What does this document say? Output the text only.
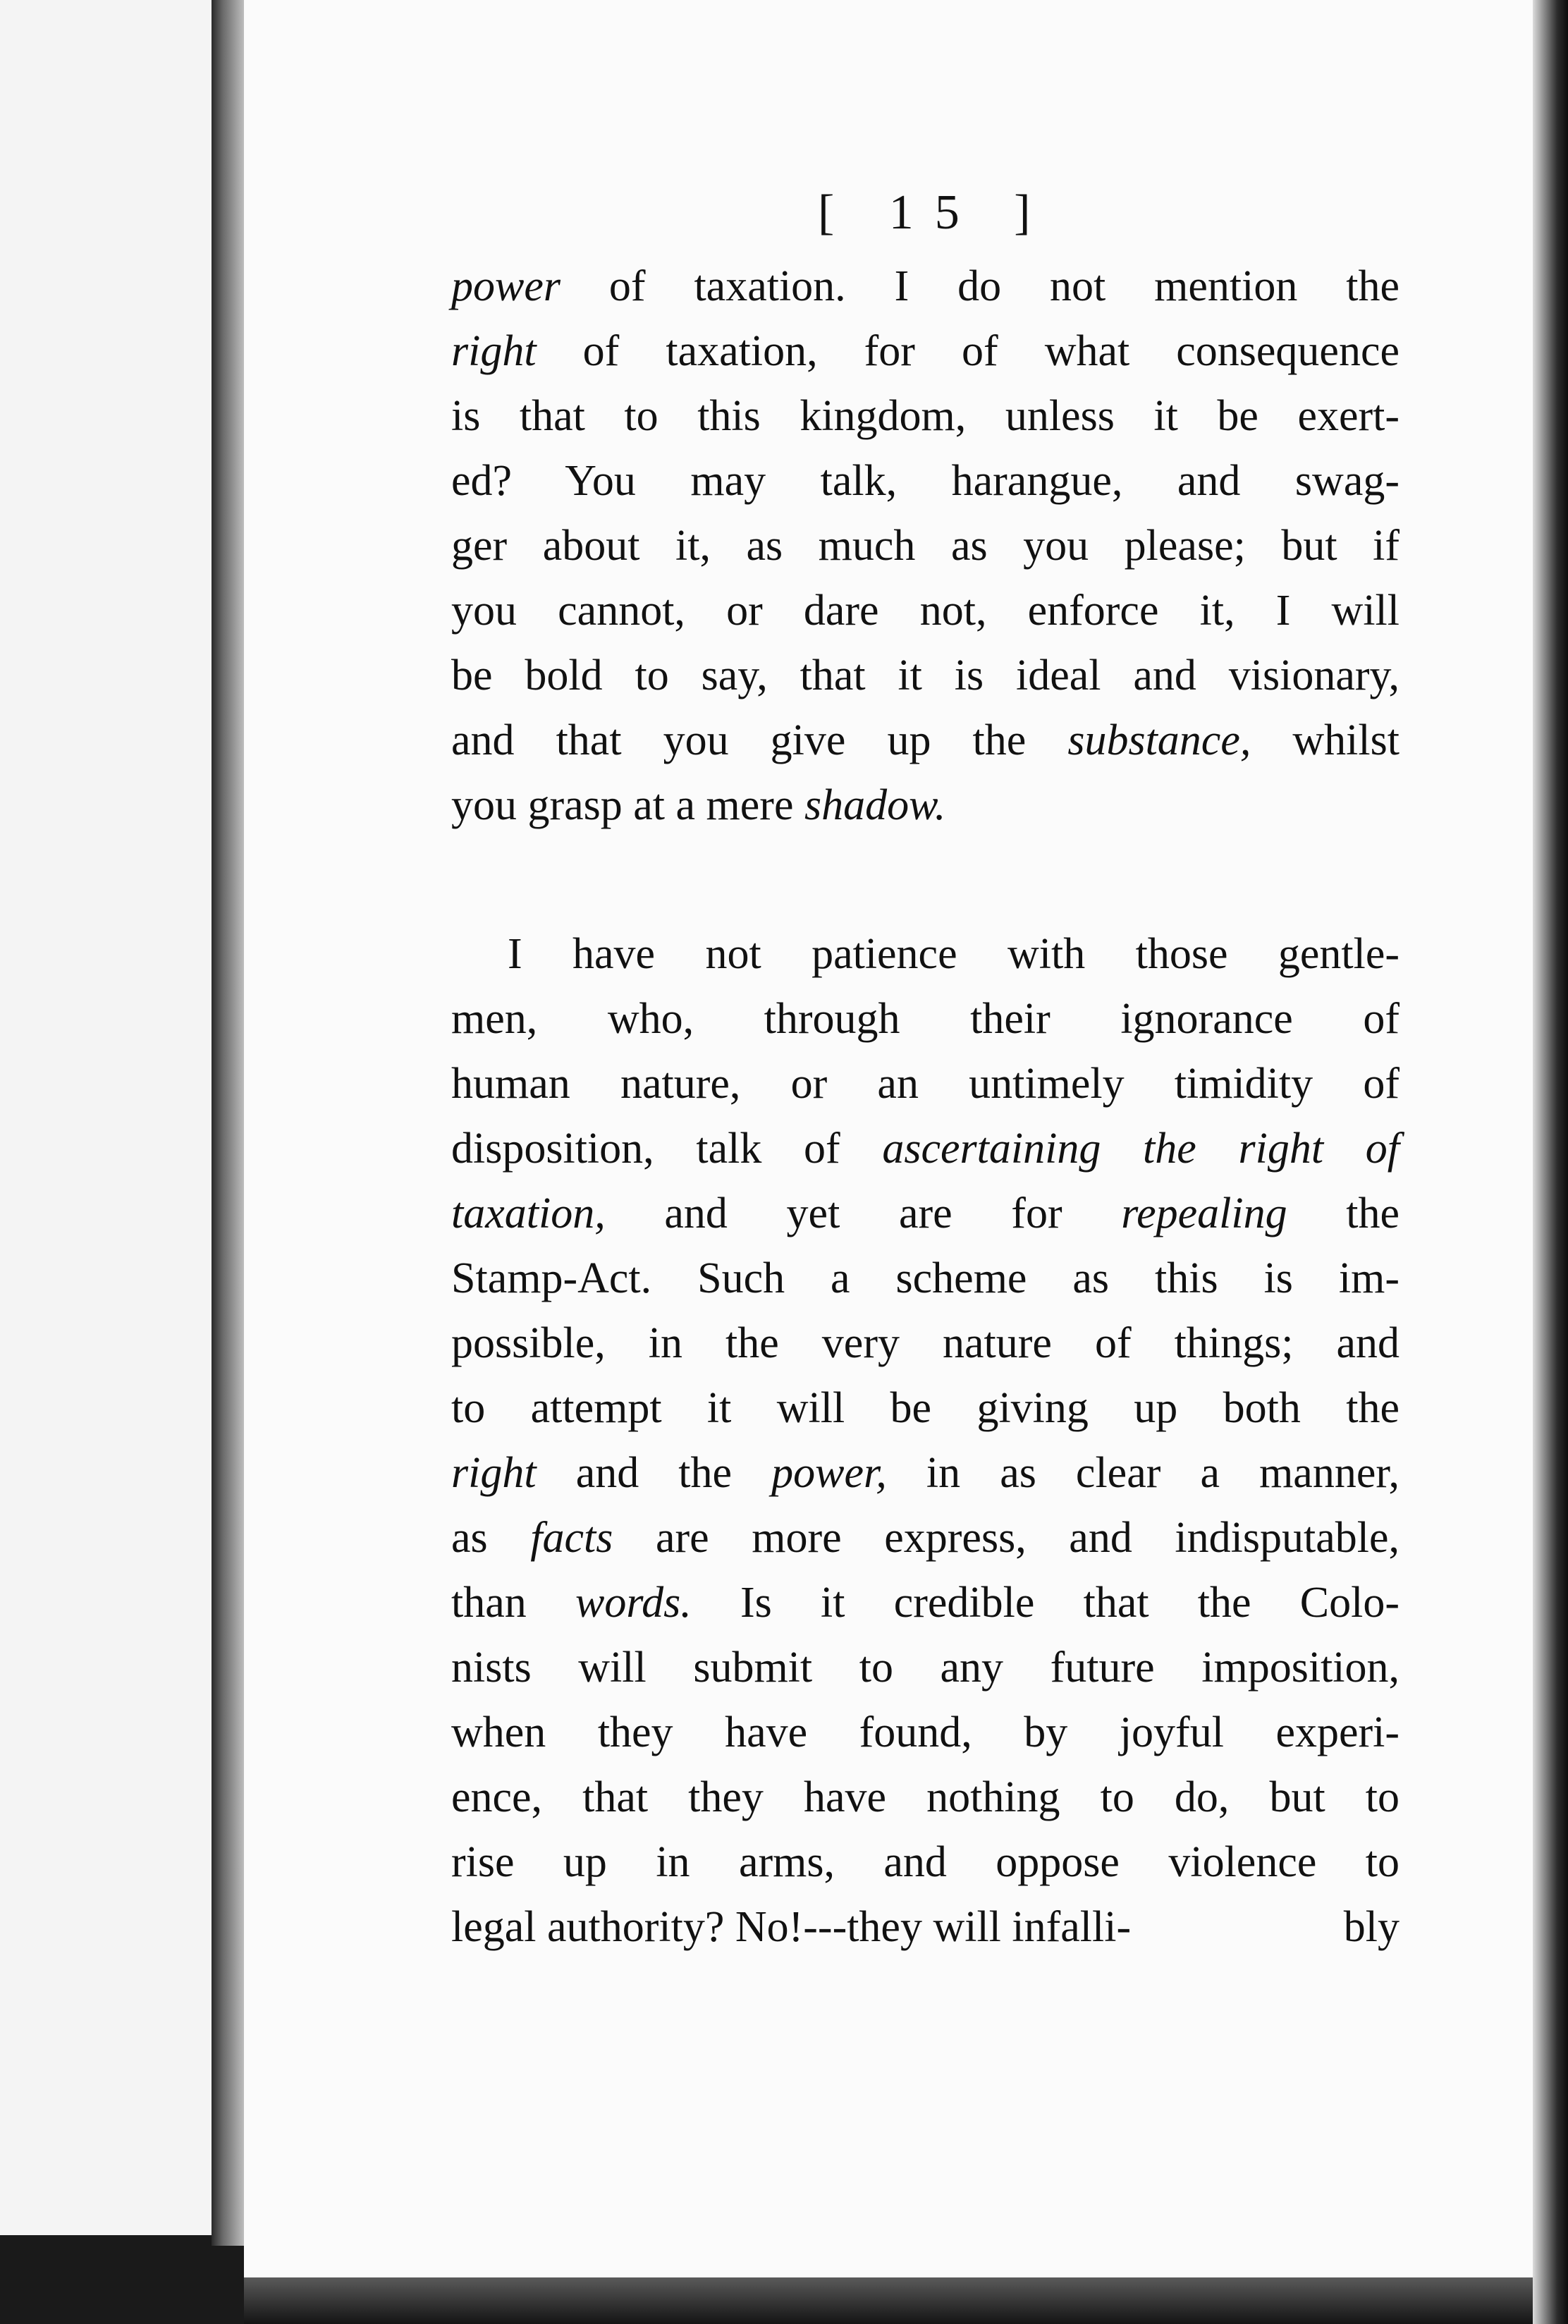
[ 15 ]
power of taxation. I do not mention the
right of taxation, for of what consequence
is that to this kingdom, unless it be exert-
ed? You may talk, harangue, and swag-
ger about it, as much as you please; but if
you cannot, or dare not, enforce it, I will
be bold to say, that it is ideal and visionary,
and that you give up the substance, whilst
you grasp at a mere shadow.
I have not patience with those gentle-
men, who, through their ignorance of
human nature, or an untimely timidity of
disposition, talk of ascertaining the right of
taxation, and yet are for repealing the
Stamp-Act. Such a scheme as this is im-
possible, in the very nature of things; and
to attempt it will be giving up both the
right and the power, in as clear a manner,
as facts are more express, and indisputable,
than words. Is it credible that the Colo-
nists will submit to any future imposition,
when they have found, by joyful experi-
ence, that they have nothing to do, but to
rise up in arms, and oppose violence to
legal authority? No!---they will infalli-	bly
